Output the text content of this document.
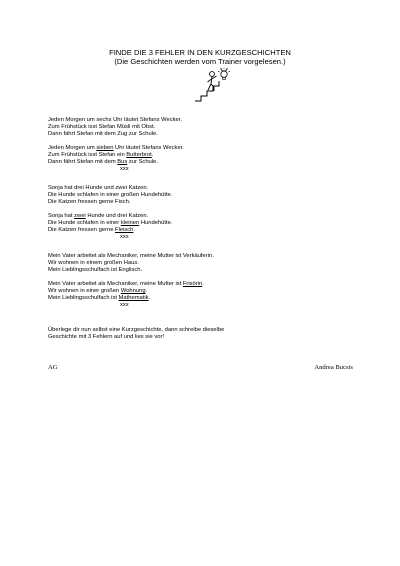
FINDE DIE 3 FEHLER IN DEN KURZGESCHICHTEN
(Die Geschichten werden vom Trainer vorgelesen.)
Jeden Morgen um sechs Uhr läutet Stefans Wecker.
Zum Frühstück isst Stefan Müsli mit Obst.
Dann fährt Stefan mit dem Zug zur Schule.
Jeden Morgen um sieben Uhr läutet Stefans Wecker.
Zum Frühstück isst Stefan ein Butterbrot.
Dann fährt Stefan mit dem Bus zur Schule.
xxx
Sonja hat drei Hunde und zwei Katzen.
Die Hunde schlafen in einer großen Hundehütte.
Die Katzen fressen gerne Fisch.
Sonja hat zwei Hunde und drei Katzen.
Die Hunde schlafen in einer kleinen Hundehütte.
Die Katzen fressen gerne Fleisch.
xxx
Mein Vater arbeitet als Mechaniker, meine Mutter ist Verkäuferin.
Wir wohnen in einem großen Haus.
Mein Lieblingsschulfach ist Englisch.
Mein Vater arbeitet als Mechaniker, meine Mutter ist Frisörin.
Wir wohnen in einer großen Wohnung.
Mein Lieblingsschulfach ist Mathematik.
xxx
Überlege dir nun selbst eine Kurzgeschichte, dann schreibe dieselbe
Geschichte mit 3 Fehlern auf und lies sie vor!
AG	Andrea Bucsis
